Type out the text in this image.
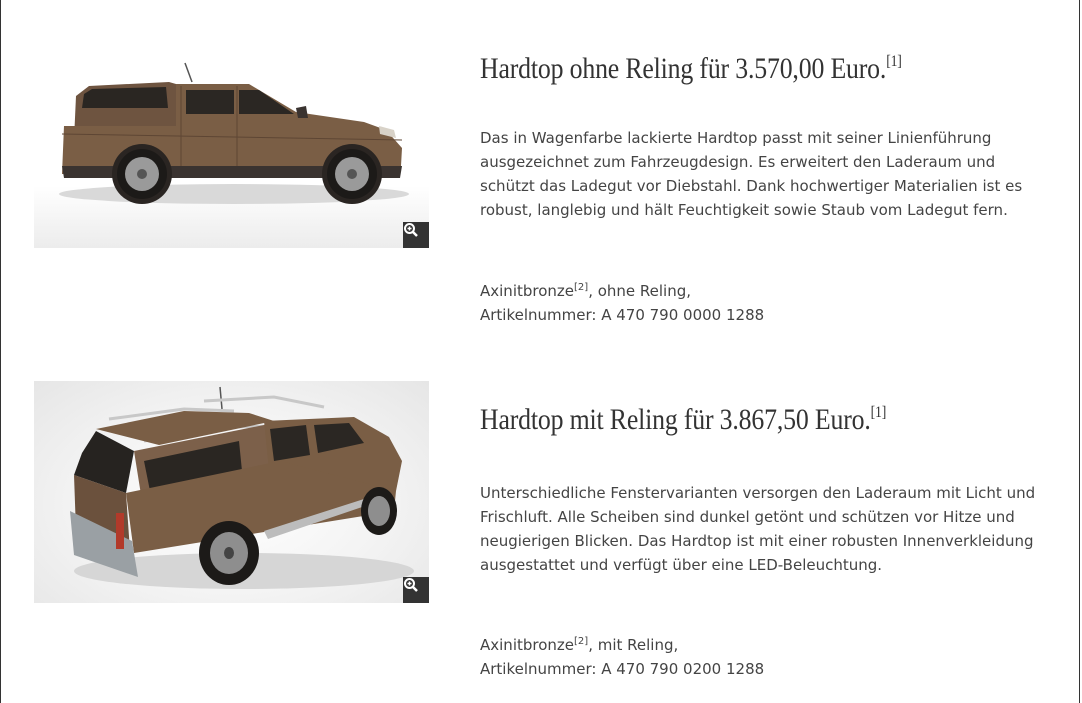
Hardtop ohne Reling für 3.570,00 Euro.[1]

Das in Wagenfarbe lackierte Hardtop passt mit seiner Linienführung ausgezeichnet zum Fahrzeugdesign. Es erweitert den Laderaum und schützt das Ladegut vor Diebstahl. Dank hochwertiger Materialien ist es robust, langlebig und hält Feuchtigkeit sowie Staub vom Ladegut fern.

Axinitbronze[2], ohne Reling,
Artikelnummer: A 470 790 0000 1288

Hardtop mit Reling für 3.867,50 Euro.[1]

Unterschiedliche Fenstervarianten versorgen den Laderaum mit Licht und Frischluft. Alle Scheiben sind dunkel getönt und schützen vor Hitze und neugierigen Blicken. Das Hardtop ist mit einer robusten Innenverkleidung ausgestattet und verfügt über eine LED-Beleuchtung.

Axinitbronze[2], mit Reling,
Artikelnummer: A 470 790 0200 1288
